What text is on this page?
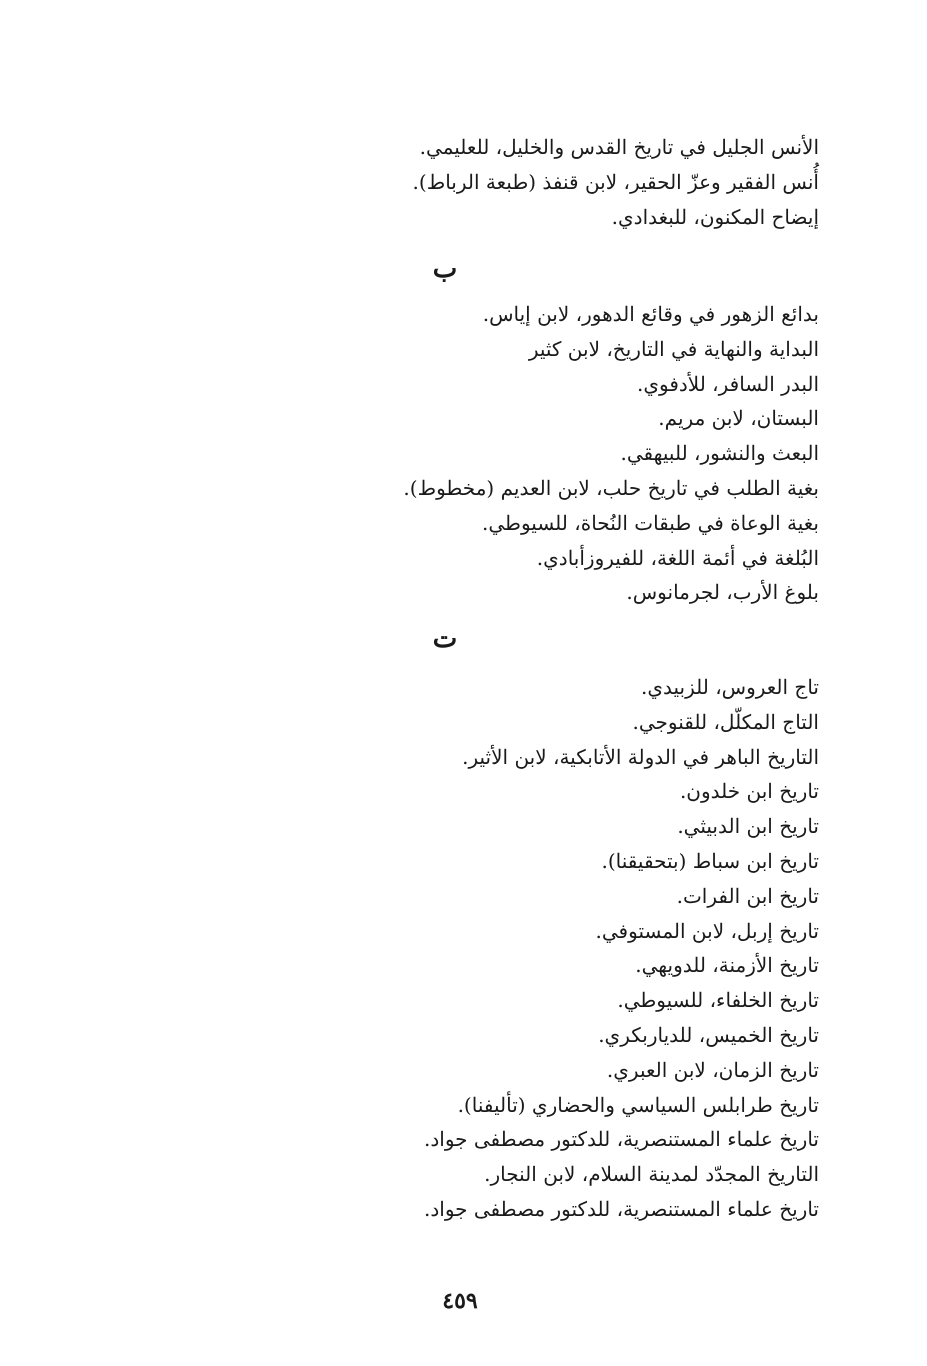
الأنس الجليل في تاريخ القدس والخليل، للعليمي.
أُنس الفقير وعزّ الحقير، لابن قنفذ (طبعة الرباط).
إيضاح المكنون، للبغدادي.
ب
بدائع الزهور في وقائع الدهور، لابن إياس.
البداية والنهاية في التاريخ، لابن كثير
البدر السافر، للأدفوي.
البستان، لابن مريم.
البعث والنشور، للبيهقي.
بغية الطلب في تاريخ حلب، لابن العديم (مخطوط).
بغية الوعاة في طبقات النُحاة، للسيوطي.
البُلغة في أئمة اللغة، للفيروزأبادي.
بلوغ الأرب، لجرمانوس.
ت
تاج العروس، للزبيدي.
التاج المكلّل، للقنوجي.
التاريخ الباهر في الدولة الأتابكية، لابن الأثير.
تاريخ ابن خلدون.
تاريخ ابن الدبيثي.
تاريخ ابن سباط (بتحقيقنا).
تاريخ ابن الفرات.
تاريخ إربل، لابن المستوفي.
تاريخ الأزمنة، للدويهي.
تاريخ الخلفاء، للسيوطي.
تاريخ الخميس، للدياربكري.
تاريخ الزمان، لابن العبري.
تاريخ طرابلس السياسي والحضاري (تأليفنا).
تاريخ علماء المستنصرية، للدكتور مصطفى جواد.
التاريخ المجدّد لمدينة السلام، لابن النجار.
تاريخ علماء المستنصرية، للدكتور مصطفى جواد.
٤٥٩
